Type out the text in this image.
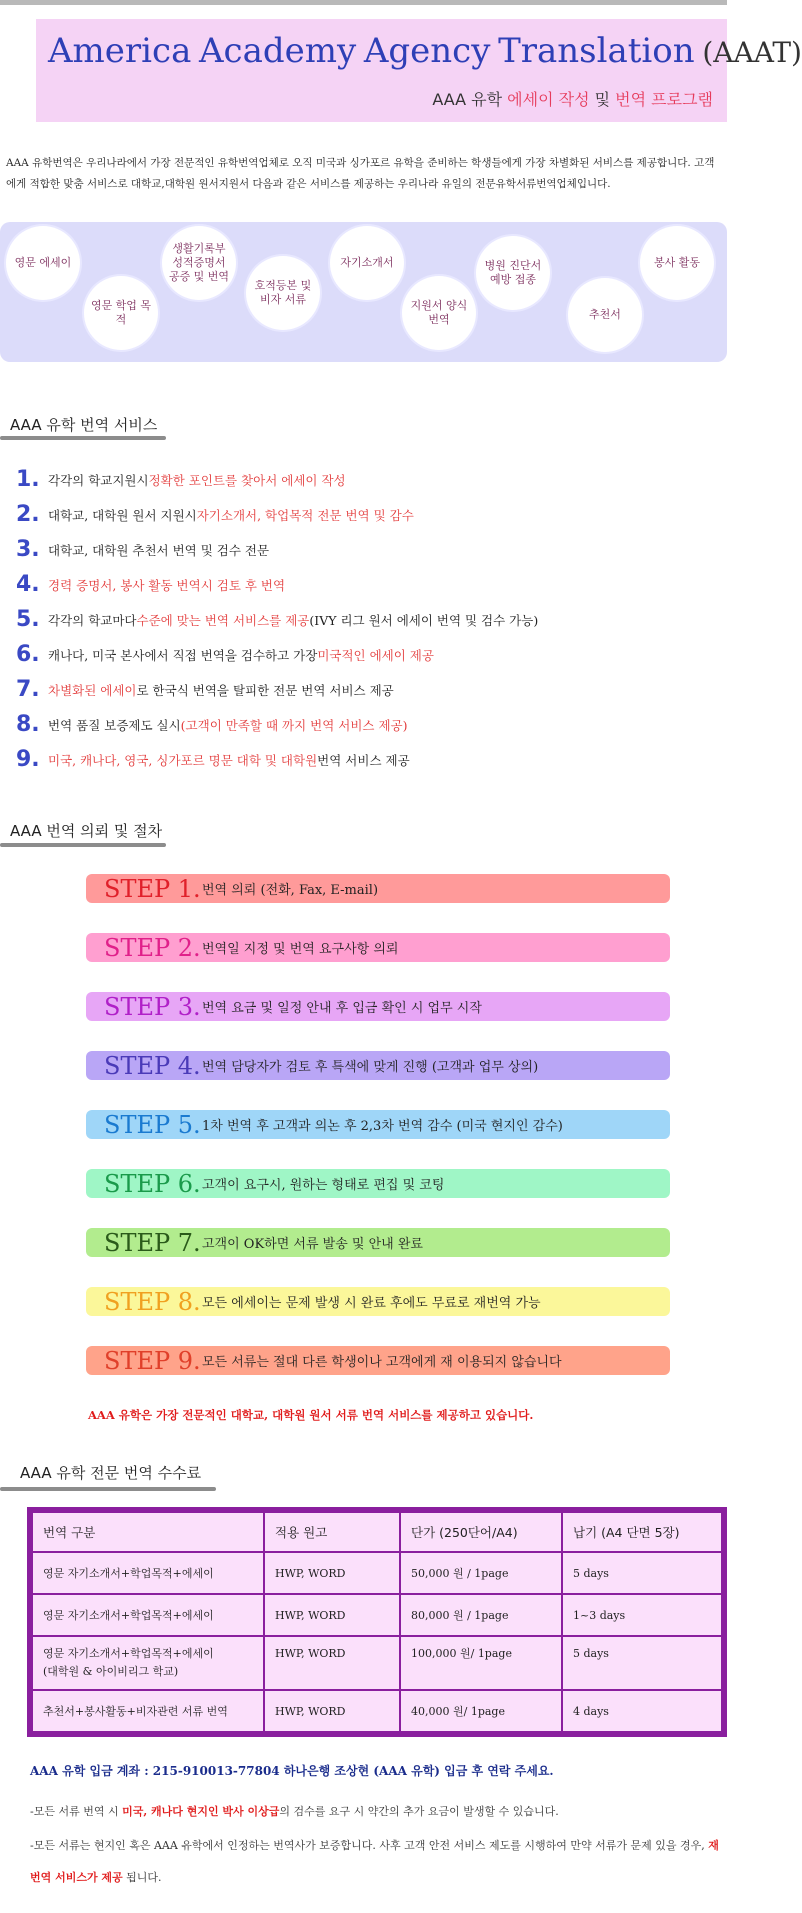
America Academy Agency Translation (AAAT)
AAA 유학 에세이 작성 및 번역 프로그램
AAA 유학번역은 우리나라에서 가장 전문적인 유학번역업체로 오직 미국과 싱가포르 유학을 준비하는 학생들에게 가장 차별화된 서비스를 제공합니다. 고객에게 적합한 맞춤 서비스로 대학교,대학원 원서지원서 다음과 같은 서비스를 제공하는 우리나라 유일의 전문유학서류번역업체입니다.
영문 에세이
영문 학업 목적
생활기록부 성적증명서 공증 및 번역
호적등본 및 비자 서류
자기소개서
지원서 양식 번역
병원 진단서 예방 접종
추천서
봉사 활동
AAA 유학 번역 서비스
1. 각각의 학교지원시 정확한 포인트를 찾아서 에세이 작성
2. 대학교, 대학원 원서 지원시 자기소개서, 학업목적 전문 번역 및 감수
3. 대학교, 대학원 추천서 번역 및 검수 전문
4. 경력 증명서, 봉사 활동 번역시 검토 후 번역
5. 각각의 학교마다 수준에 맞는 번역 서비스를 제공 (IVY 리그 원서 에세이 번역 및 검수 가능)
6. 캐나다, 미국 본사에서 직접 번역을 검수하고 가장 미국적인 에세이 제공
7. 차별화된 에세이 로 한국식 번역을 탈피한 전문 번역 서비스 제공
8. 번역 품질 보증제도 실시 (고객이 만족할 때 까지 번역 서비스 제공)
9. 미국, 캐나다, 영국, 싱가포르 명문 대학 및 대학원 번역 서비스 제공
AAA 번역 의뢰 및 절차
STEP 1. 번역 의뢰 (전화, Fax, E-mail)
STEP 2. 번역일 지정 및 번역 요구사항 의뢰
STEP 3. 번역 요금 및 일정 안내 후 입금 확인 시 업무 시작
STEP 4. 번역 담당자가 검토 후 특색에 맞게 진행 (고객과 업무 상의)
STEP 5. 1차 번역 후 고객과 의논 후 2,3차 번역 감수 (미국 현지인 감수)
STEP 6. 고객이 요구시, 원하는 형태로 편집 및 코팅
STEP 7. 고객이 OK하면 서류 발송 및 안내 완료
STEP 8. 모든 에세이는 문제 발생 시 완료 후에도 무료로 재번역 가능
STEP 9. 모든 서류는 절대 다른 학생이나 고객에게 재 이용되지 않습니다
AAA 유학은 가장 전문적인 대학교, 대학원 원서 서류 번역 서비스를 제공하고 있습니다.
AAA 유학 전문 번역 수수료
번역 구분	적용 원고	단가 (250단어/A4)	납기 (A4 단면 5장)
영문 자기소개서+학업목적+에세이	HWP, WORD	50,000 원 / 1page	5 days
영문 자기소개서+학업목적+에세이	HWP, WORD	80,000 원 / 1page	1~3 days
영문 자기소개서+학업목적+에세이
(대학원 & 아이비리그 학교)	HWP, WORD	100,000 원/ 1page	5 days
추천서+봉사활동+비자관련 서류 번역	HWP, WORD	40,000 원/ 1page	4 days
AAA 유학 입금 계좌 : 215-910013-77804 하나은행 조상현 (AAA 유학) 입금 후 연락 주세요.
-모든 서류 번역 시 미국, 캐나다 현지인 박사 이상급의 검수를 요구 시 약간의 추가 요금이 발생할 수 있습니다.
-모든 서류는 현지인 혹은 AAA 유학에서 인정하는 번역사가 보증합니다. 사후 고객 안전 서비스 제도를 시행하여 만약 서류가 문제 있을 경우, 재 번역 서비스가 제공 됩니다.
